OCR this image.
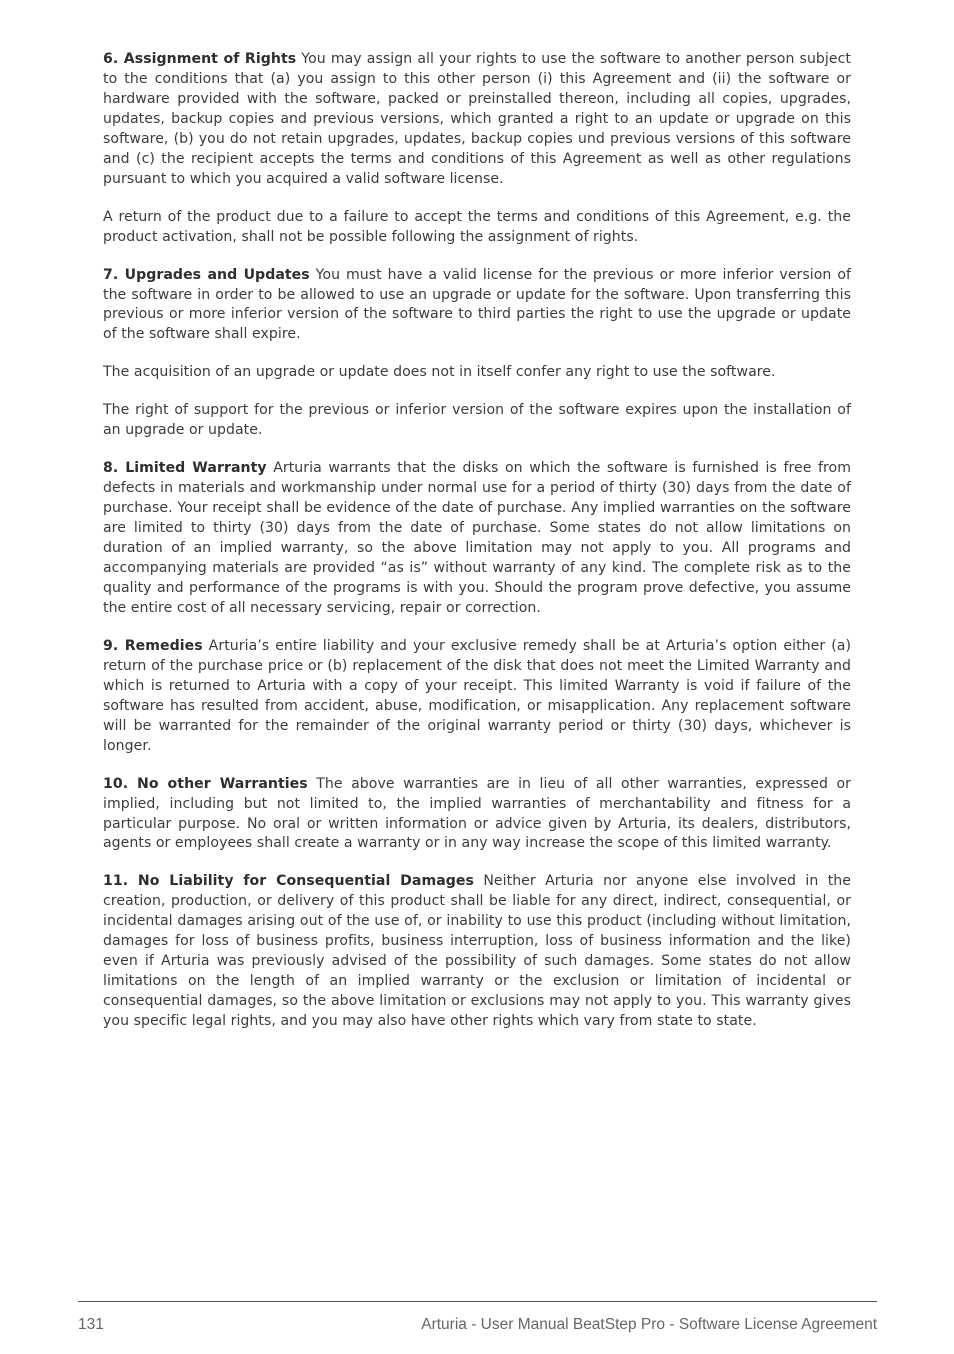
6. Assignment of Rights You may assign all your rights to use the software to another person subject to the conditions that (a) you assign to this other person (i) this Agreement and (ii) the software or hardware provided with the software, packed or preinstalled thereon, including all copies, upgrades, updates, backup copies and previous versions, which granted a right to an update or upgrade on this software, (b) you do not retain upgrades, updates, backup copies und previous versions of this software and (c) the recipient accepts the terms and conditions of this Agreement as well as other regulations pursuant to which you acquired a valid software license.

A return of the product due to a failure to accept the terms and conditions of this Agreement, e.g. the product activation, shall not be possible following the assignment of rights.

7. Upgrades and Updates You must have a valid license for the previous or more inferior version of the software in order to be allowed to use an upgrade or update for the software. Upon transferring this previous or more inferior version of the software to third parties the right to use the upgrade or update of the software shall expire.

The acquisition of an upgrade or update does not in itself confer any right to use the software.

The right of support for the previous or inferior version of the software expires upon the installation of an upgrade or update.

8. Limited Warranty Arturia warrants that the disks on which the software is furnished is free from defects in materials and workmanship under normal use for a period of thirty (30) days from the date of purchase. Your receipt shall be evidence of the date of purchase. Any implied warranties on the software are limited to thirty (30) days from the date of purchase. Some states do not allow limitations on duration of an implied warranty, so the above limitation may not apply to you. All programs and accompanying materials are provided “as is” without warranty of any kind. The complete risk as to the quality and performance of the programs is with you. Should the program prove defective, you assume the entire cost of all necessary servicing, repair or correction.

9. Remedies Arturia’s entire liability and your exclusive remedy shall be at Arturia’s option either (a) return of the purchase price or (b) replacement of the disk that does not meet the Limited Warranty and which is returned to Arturia with a copy of your receipt. This limited Warranty is void if failure of the software has resulted from accident, abuse, modification, or misapplication. Any replacement software will be warranted for the remainder of the original warranty period or thirty (30) days, whichever is longer.

10. No other Warranties The above warranties are in lieu of all other warranties, expressed or implied, including but not limited to, the implied warranties of merchantability and fitness for a particular purpose. No oral or written information or advice given by Arturia, its dealers, distributors, agents or employees shall create a warranty or in any way increase the scope of this limited warranty.

11. No Liability for Consequential Damages Neither Arturia nor anyone else involved in the creation, production, or delivery of this product shall be liable for any direct, indirect, consequential, or incidental damages arising out of the use of, or inability to use this product (including without limitation, damages for loss of business profits, business interruption, loss of business information and the like) even if Arturia was previously advised of the possibility of such damages. Some states do not allow limitations on the length of an implied warranty or the exclusion or limitation of incidental or consequential damages, so the above limitation or exclusions may not apply to you. This warranty gives you specific legal rights, and you may also have other rights which vary from state to state.

131	Arturia - User Manual BeatStep Pro - Software License Agreement
